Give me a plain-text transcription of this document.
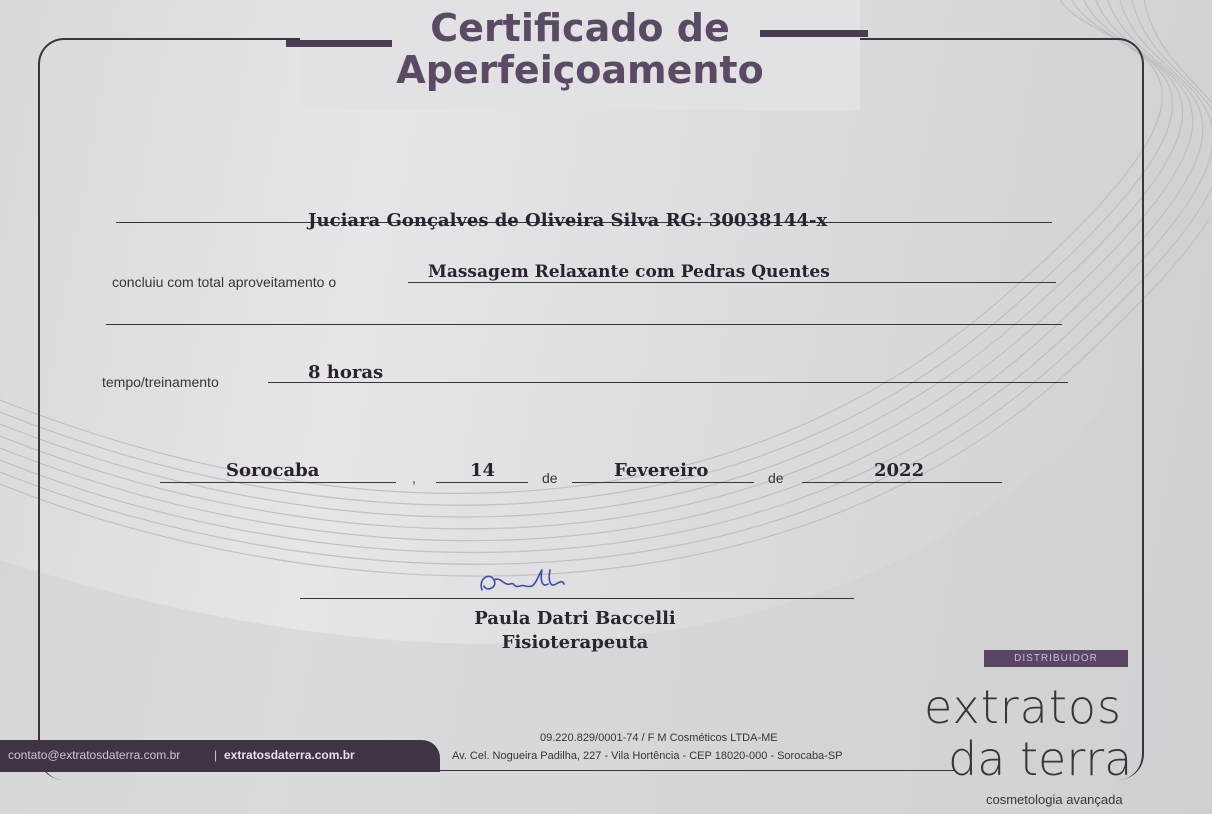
Certificado de
Aperfeiçoamento
Juciara Gonçalves de Oliveira Silva RG: 30038144-x
concluiu com total aproveitamento o	Massagem Relaxante com Pedras Quentes
tempo/treinamento	8 horas
Sorocaba	,	14	de	Fevereiro	de	2022
Paula Datri Baccelli
Fisioterapeuta
contato@extratosdaterra.com.br	| extratosdaterra.com.br
09.220.829/0001-74 / F M Cosméticos LTDA-ME
Av. Cel. Nogueira Padilha, 227 - Vila Hortência - CEP 18020-000 - Sorocaba-SP
DISTRIBUIDOR
extratos
da terra
cosmetologia avançada
